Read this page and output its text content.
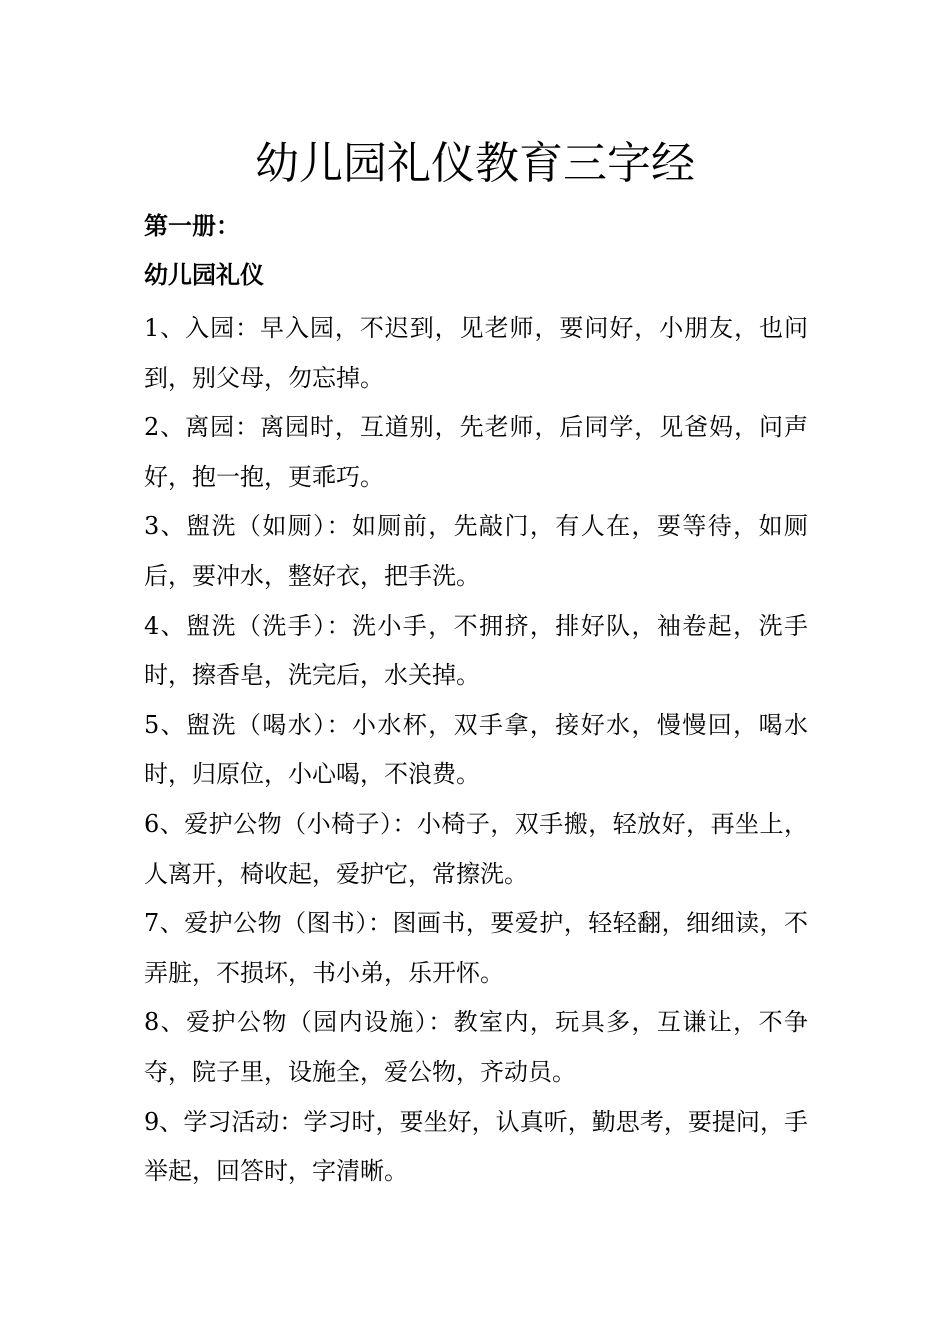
幼儿园礼仪教育三字经
第一册：
幼儿园礼仪
1、入园：早入园，不迟到，见老师，要问好，小朋友，也问到，别父母，勿忘掉。
2、离园：离园时，互道别，先老师，后同学，见爸妈，问声好，抱一抱，更乖巧。
3、盥洗（如厕）：如厕前，先敲门，有人在，要等待，如厕后，要冲水，整好衣，把手洗。
4、盥洗（洗手）：洗小手，不拥挤，排好队，袖卷起，洗手时，擦香皂，洗完后，水关掉。
5、盥洗（喝水）：小水杯，双手拿，接好水，慢慢回，喝水时，归原位，小心喝，不浪费。
6、爱护公物（小椅子）：小椅子，双手搬，轻放好，再坐上，人离开，椅收起，爱护它，常擦洗。
7、爱护公物（图书）：图画书，要爱护，轻轻翻，细细读，不弄脏，不损坏，书小弟，乐开怀。
8、爱护公物（园内设施）：教室内，玩具多，互谦让，不争夺，院子里，设施全，爱公物，齐动员。
9、学习活动：学习时，要坐好，认真听，勤思考，要提问，手举起，回答时，字清晰。
